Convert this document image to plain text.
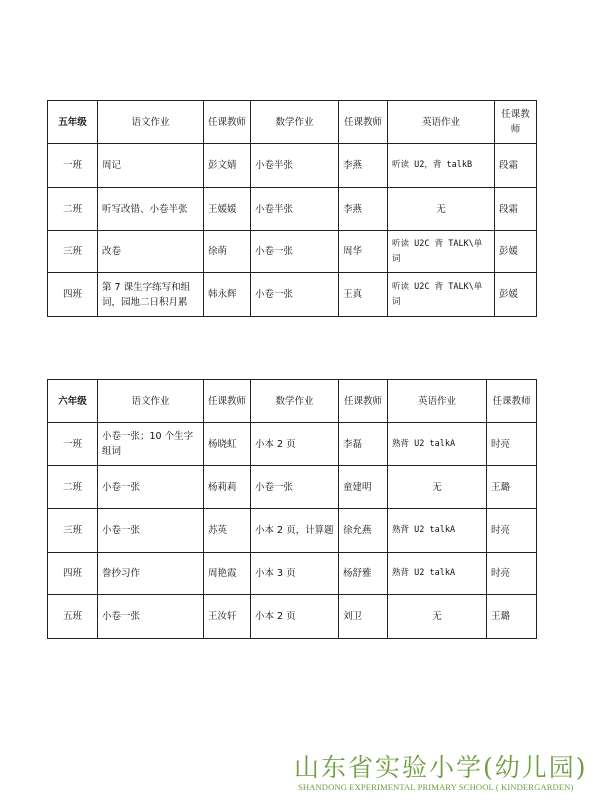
五年级	语文作业	任课教师	数学作业	任课教师	英语作业	任课教师
一班	周记	彭文婧	小卷半张	李燕	听读 U2，背 talkB	段霜
二班	听写改错、小卷半张	王媛媛	小卷半张	李燕	无	段霜
三班	改卷	徐萌	小卷一张	周华	听读 U2C 背 TALK\单词	彭媛
四班	第 7 课生字练写和组词，园地二日积月累	韩永辉	小卷一张	王真	听读 U2C 背 TALK\单词	彭媛
六年级	语文作业	任课教师	数学作业	任课教师	英语作业	任课教师
一班	小卷一张；10 个生字组词	杨晓虹	小本 2 页	李磊	熟背 U2 talkA	时亮
二班	小卷一张	杨莉莉	小卷一张	童建明	无	王璐
三班	小卷一张	苏英	小本 2 页，计算题	徐允燕	熟背 U2 talkA	时亮
四班	誊抄习作	周艳霞	小本 3 页	杨舒雅	熟背 U2 talkA	时亮
五班	小卷一张	王汝轩	小本 2 页	刘卫	无	王璐
山东省实验小学(幼儿园)
SHANDONG EXPERIMENTAL PRIMARY SCHOOL ( KINDERGARDEN)
